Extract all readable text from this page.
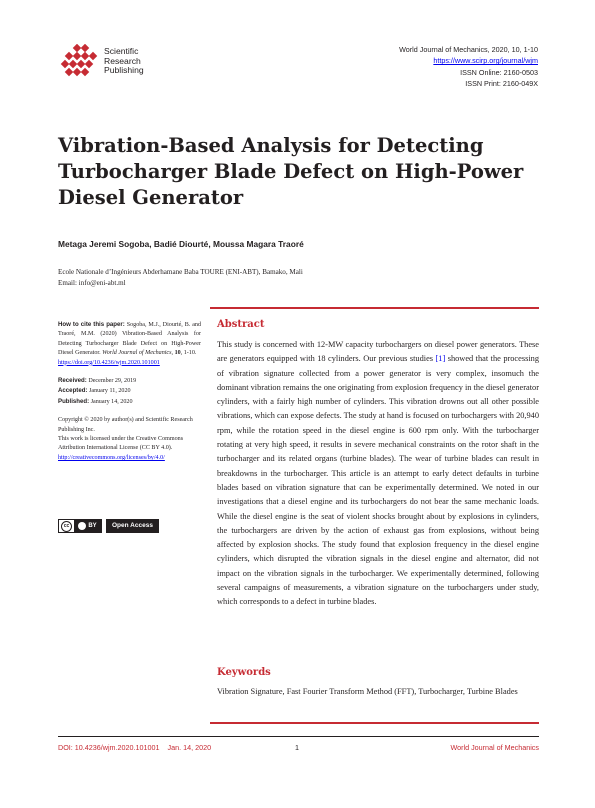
Scientific
Research
Publishing
World Journal of Mechanics, 2020, 10, 1-10
https://www.scirp.org/journal/wjm
ISSN Online: 2160-0503
ISSN Print: 2160-049X
Vibration-Based Analysis for Detecting Turbocharger Blade Defect on High-Power Diesel Generator
Metaga Jeremi Sogoba, Badié Diourté, Moussa Magara Traoré
Ecole Nationale d’Ingénieurs Abderhamane Baba TOURE (ENI-ABT), Bamako, Mali
Email: info@eni-abt.ml
How to cite this paper: Sogoba, M.J., Diourté, B. and Traoré, M.M. (2020) Vibration-Based Analysis for Detecting Turbocharger Blade Defect on High-Power Diesel Generator. World Journal of Mechanics, 10, 1-10.
https://doi.org/10.4236/wjm.2020.101001
Received: December 29, 2019
Accepted: January 11, 2020
Published: January 14, 2020
Copyright © 2020 by author(s) and Scientific Research Publishing Inc.
This work is licensed under the Creative Commons Attribution International License (CC BY 4.0).
http://creativecommons.org/licenses/by/4.0/
cc	BY	Open Access
Abstract
This study is concerned with 12-MW capacity turbochargers on diesel power generators. These are generators equipped with 18 cylinders. Our previous studies [1] showed that the processing of vibration signature collected from a power generator is very complex, insomuch the dominant vibration remains the one originating from explosion frequency in the diesel generator cylinders, with a fairly high number of cylinders. This vibration drowns out all other possible vibrations, which can expose defects. The study at hand is focused on turbochargers with 20,940 rpm, while the rotation speed in the diesel engine is 600 rpm only. With the turbocharger rotating at very high speed, it results in severe mechanical constraints on the rotor shaft in the turbocharger and its related organs (turbine blades). The wear of turbine blades can result in breakdowns in the turbocharger. This article is an attempt to early detect defaults in turbine blades based on vibration signature that can be experimentally determined. We noted in our investigations that a diesel engine and its turbochargers do not bear the same mechanic loads. While the diesel engine is the seat of violent shocks brought about by explosions in cylinders, the turbochargers are driven by the action of exhaust gas from explosions, without being affected by explosion shocks. The study found that explosion frequency in the diesel engine cylinders, which disrupted the vibration signals in the diesel engine and alternator, did not impact on the vibration signals in the turbocharger. We experimentally determined, following several campaigns of measurements, a vibration signature on the turbochargers under study, which corresponds to a defect in turbine blades.
Keywords
Vibration Signature, Fast Fourier Transform Method (FFT), Turbocharger, Turbine Blades
DOI: 10.4236/wjm.2020.101001 Jan. 14, 2020	1	World Journal of Mechanics
